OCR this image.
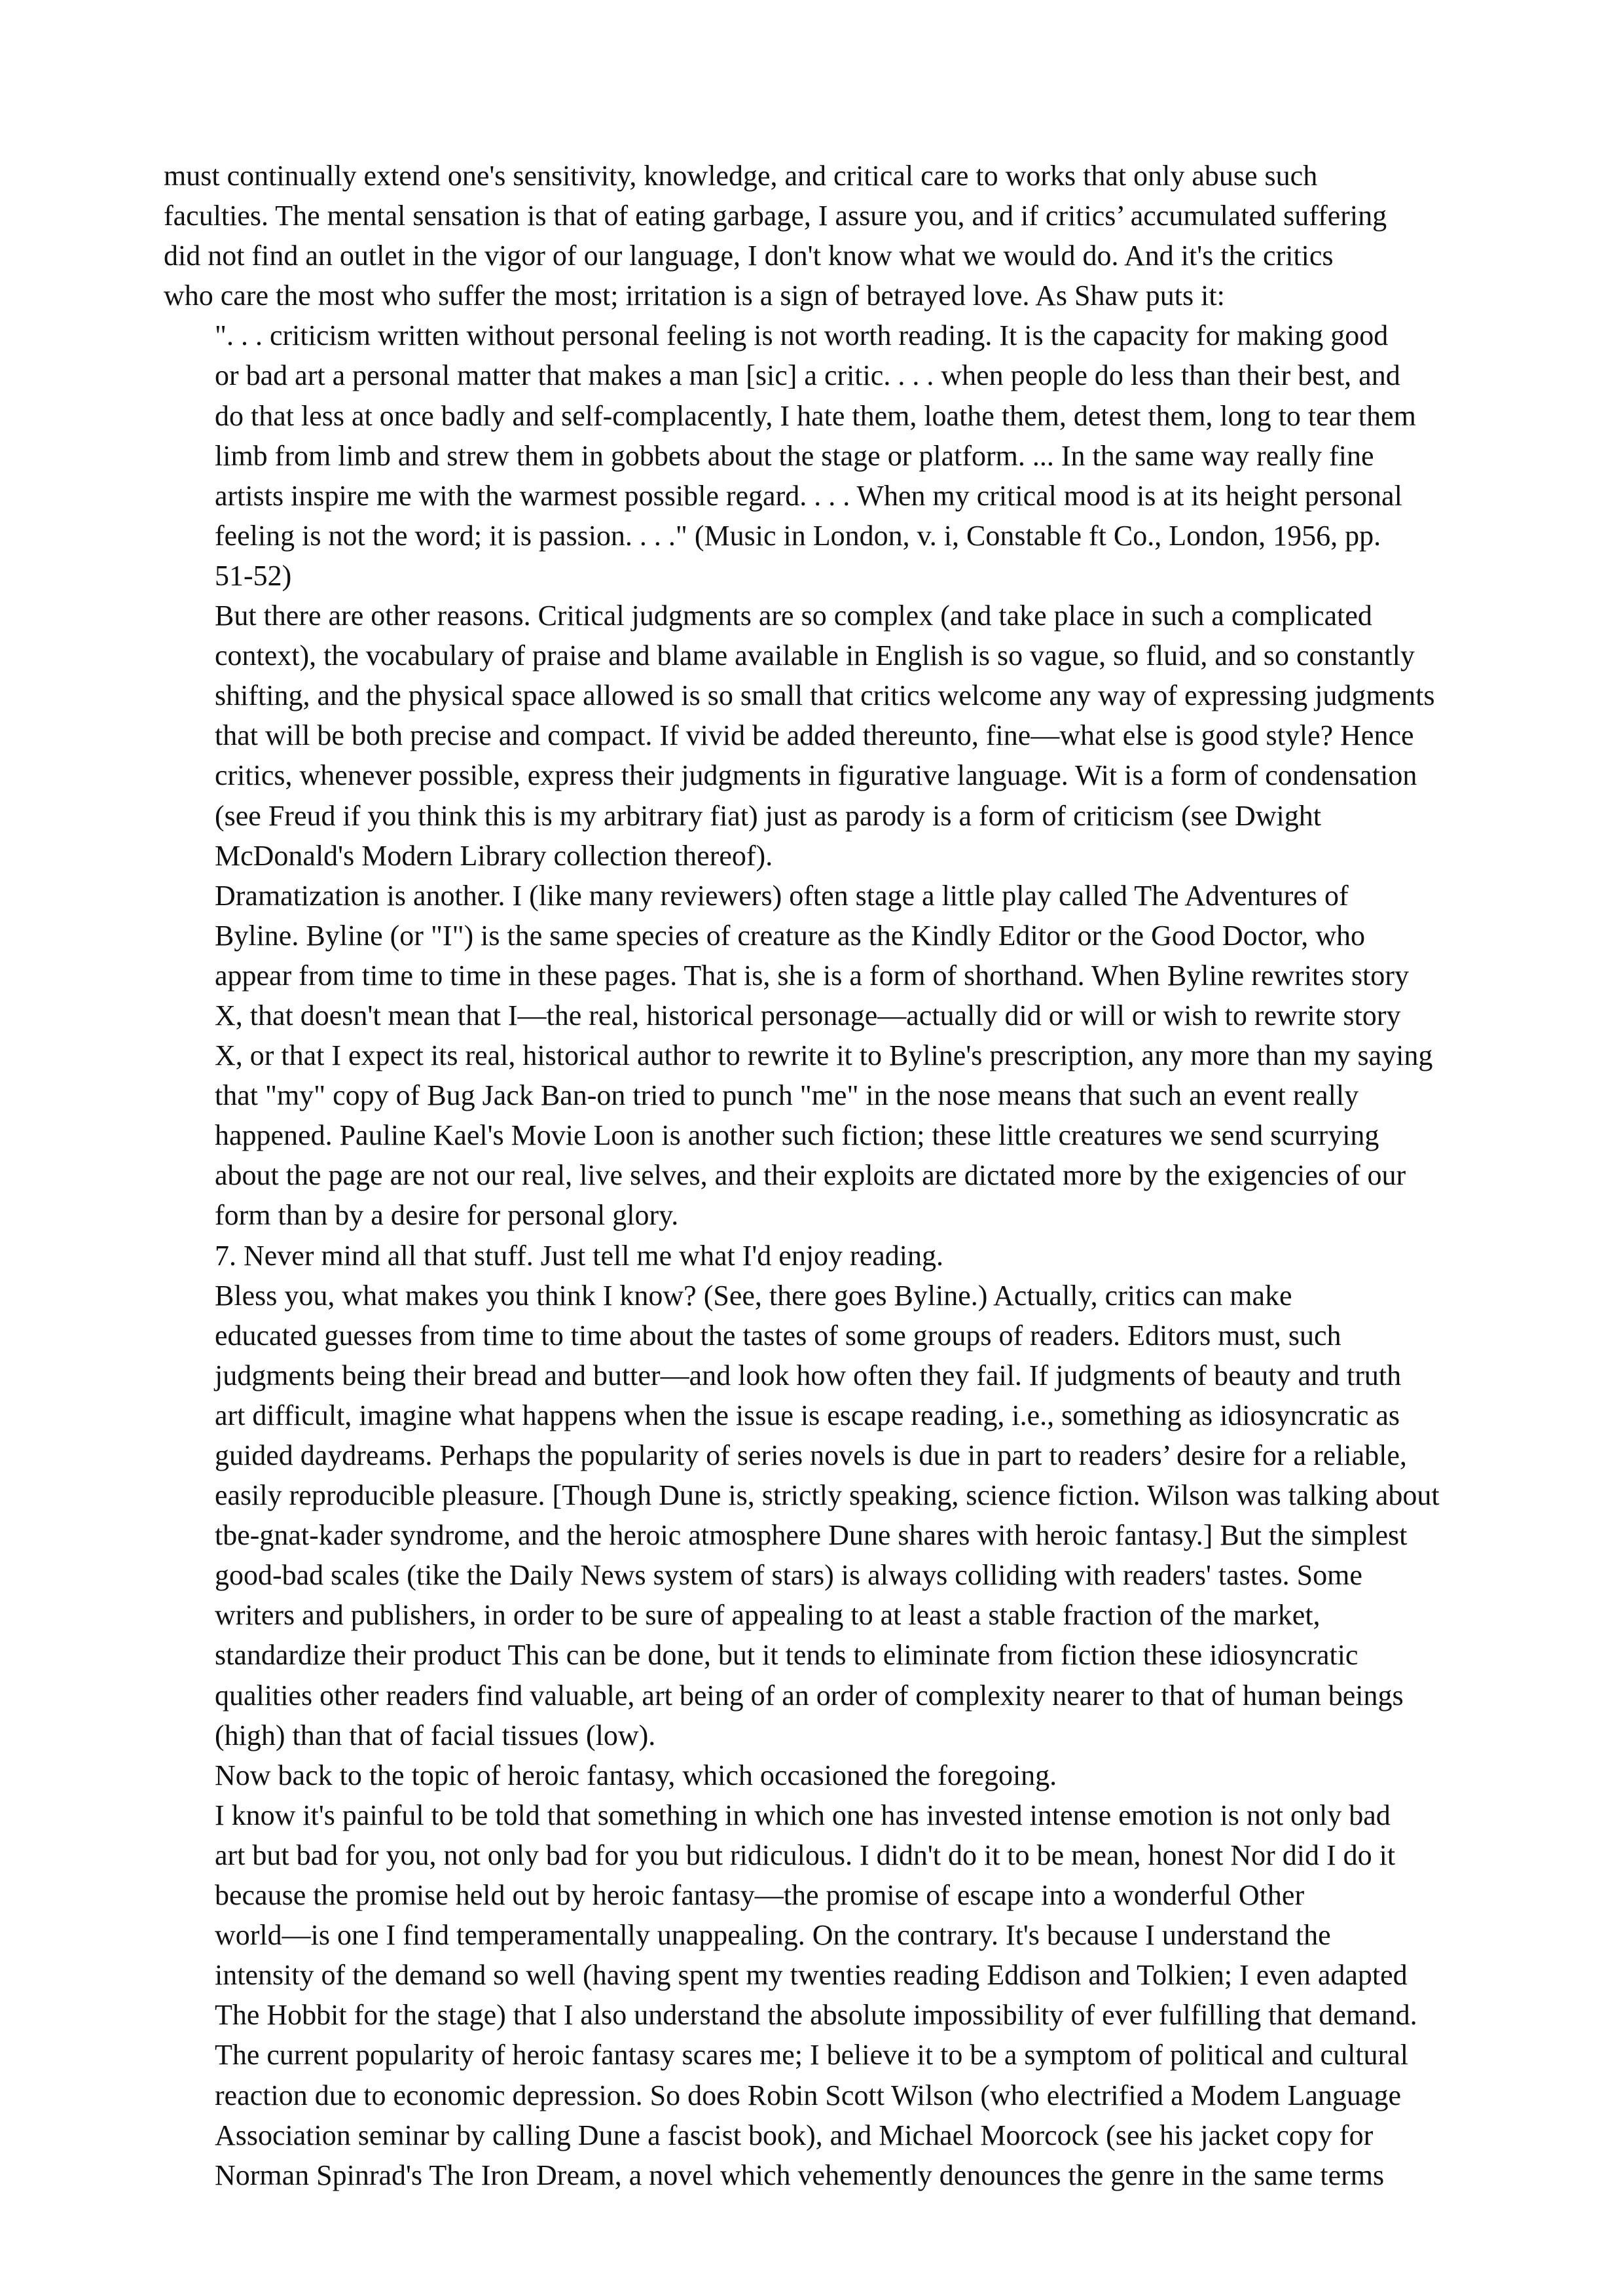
must continually extend one's sensitivity, knowledge, and critical care to works that only abuse such
faculties. The mental sensation is that of eating garbage, I assure you, and if critics’ accumulated suffering
did not find an outlet in the vigor of our language, I don't know what we would do. And it's the critics
who care the most who suffer the most; irritation is a sign of betrayed love. As Shaw puts it:

". . . criticism written without personal feeling is not worth reading. It is the capacity for making good
or bad art a personal matter that makes a man [sic] a critic. . . . when people do less than their best, and
do that less at once badly and self-complacently, I hate them, loathe them, detest them, long to tear them
limb from limb and strew them in gobbets about the stage or platform. ... In the same way really fine
artists inspire me with the warmest possible regard. . . . When my critical mood is at its height personal
feeling is not the word; it is passion. . . ." (Music in London, v. i, Constable ft Co., London, 1956, pp.
51-52)

But there are other reasons. Critical judgments are so complex (and take place in such a complicated
context), the vocabulary of praise and blame available in English is so vague, so fluid, and so constantly
shifting, and the physical space allowed is so small that critics welcome any way of expressing judgments
that will be both precise and compact. If vivid be added thereunto, fine—what else is good style? Hence
critics, whenever possible, express their judgments in figurative language. Wit is a form of condensation
(see Freud if you think this is my arbitrary fiat) just as parody is a form of criticism (see Dwight
McDonald's Modern Library collection thereof).

Dramatization is another. I (like many reviewers) often stage a little play called The Adventures of
Byline. Byline (or "I") is the same species of creature as the Kindly Editor or the Good Doctor, who
appear from time to time in these pages. That is, she is a form of shorthand. When Byline rewrites story
X, that doesn't mean that I—the real, historical personage—actually did or will or wish to rewrite story
X, or that I expect its real, historical author to rewrite it to Byline's prescription, any more than my saying
that "my" copy of Bug Jack Ban-on tried to punch "me" in the nose means that such an event really
happened. Pauline Kael's Movie Loon is another such fiction; these little creatures we send scurrying
about the page are not our real, live selves, and their exploits are dictated more by the exigencies of our
form than by a desire for personal glory.

7. Never mind all that stuff. Just tell me what I'd enjoy reading.

Bless you, what makes you think I know? (See, there goes Byline.) Actually, critics can make
educated guesses from time to time about the tastes of some groups of readers. Editors must, such
judgments being their bread and butter—and look how often they fail. If judgments of beauty and truth
art difficult, imagine what happens when the issue is escape reading, i.e., something as idiosyncratic as
guided daydreams. Perhaps the popularity of series novels is due in part to readers’ desire for a reliable,
easily reproducible pleasure. [Though Dune is, strictly speaking, science fiction. Wilson was talking about
tbe-gnat-kader syndrome, and the heroic atmosphere Dune shares with heroic fantasy.] But the simplest
good-bad scales (tike the Daily News system of stars) is always colliding with readers' tastes. Some
writers and publishers, in order to be sure of appealing to at least a stable fraction of the market,
standardize their product This can be done, but it tends to eliminate from fiction these idiosyncratic
qualities other readers find valuable, art being of an order of complexity nearer to that of human beings
(high) than that of facial tissues (low).

Now back to the topic of heroic fantasy, which occasioned the foregoing.

I know it's painful to be told that something in which one has invested intense emotion is not only bad
art but bad for you, not only bad for you but ridiculous. I didn't do it to be mean, honest Nor did I do it
because the promise held out by heroic fantasy—the promise of escape into a wonderful Other
world—is one I find temperamentally unappealing. On the contrary. It's because I understand the
intensity of the demand so well (having spent my twenties reading Eddison and Tolkien; I even adapted
The Hobbit for the stage) that I also understand the absolute impossibility of ever fulfilling that demand.
The current popularity of heroic fantasy scares me; I believe it to be a symptom of political and cultural
reaction due to economic depression. So does Robin Scott Wilson (who electrified a Modem Language
Association seminar by calling Dune a fascist book), and Michael Moorcock (see his jacket copy for
Norman Spinrad's The Iron Dream, a novel which vehemently denounces the genre in the same terms
